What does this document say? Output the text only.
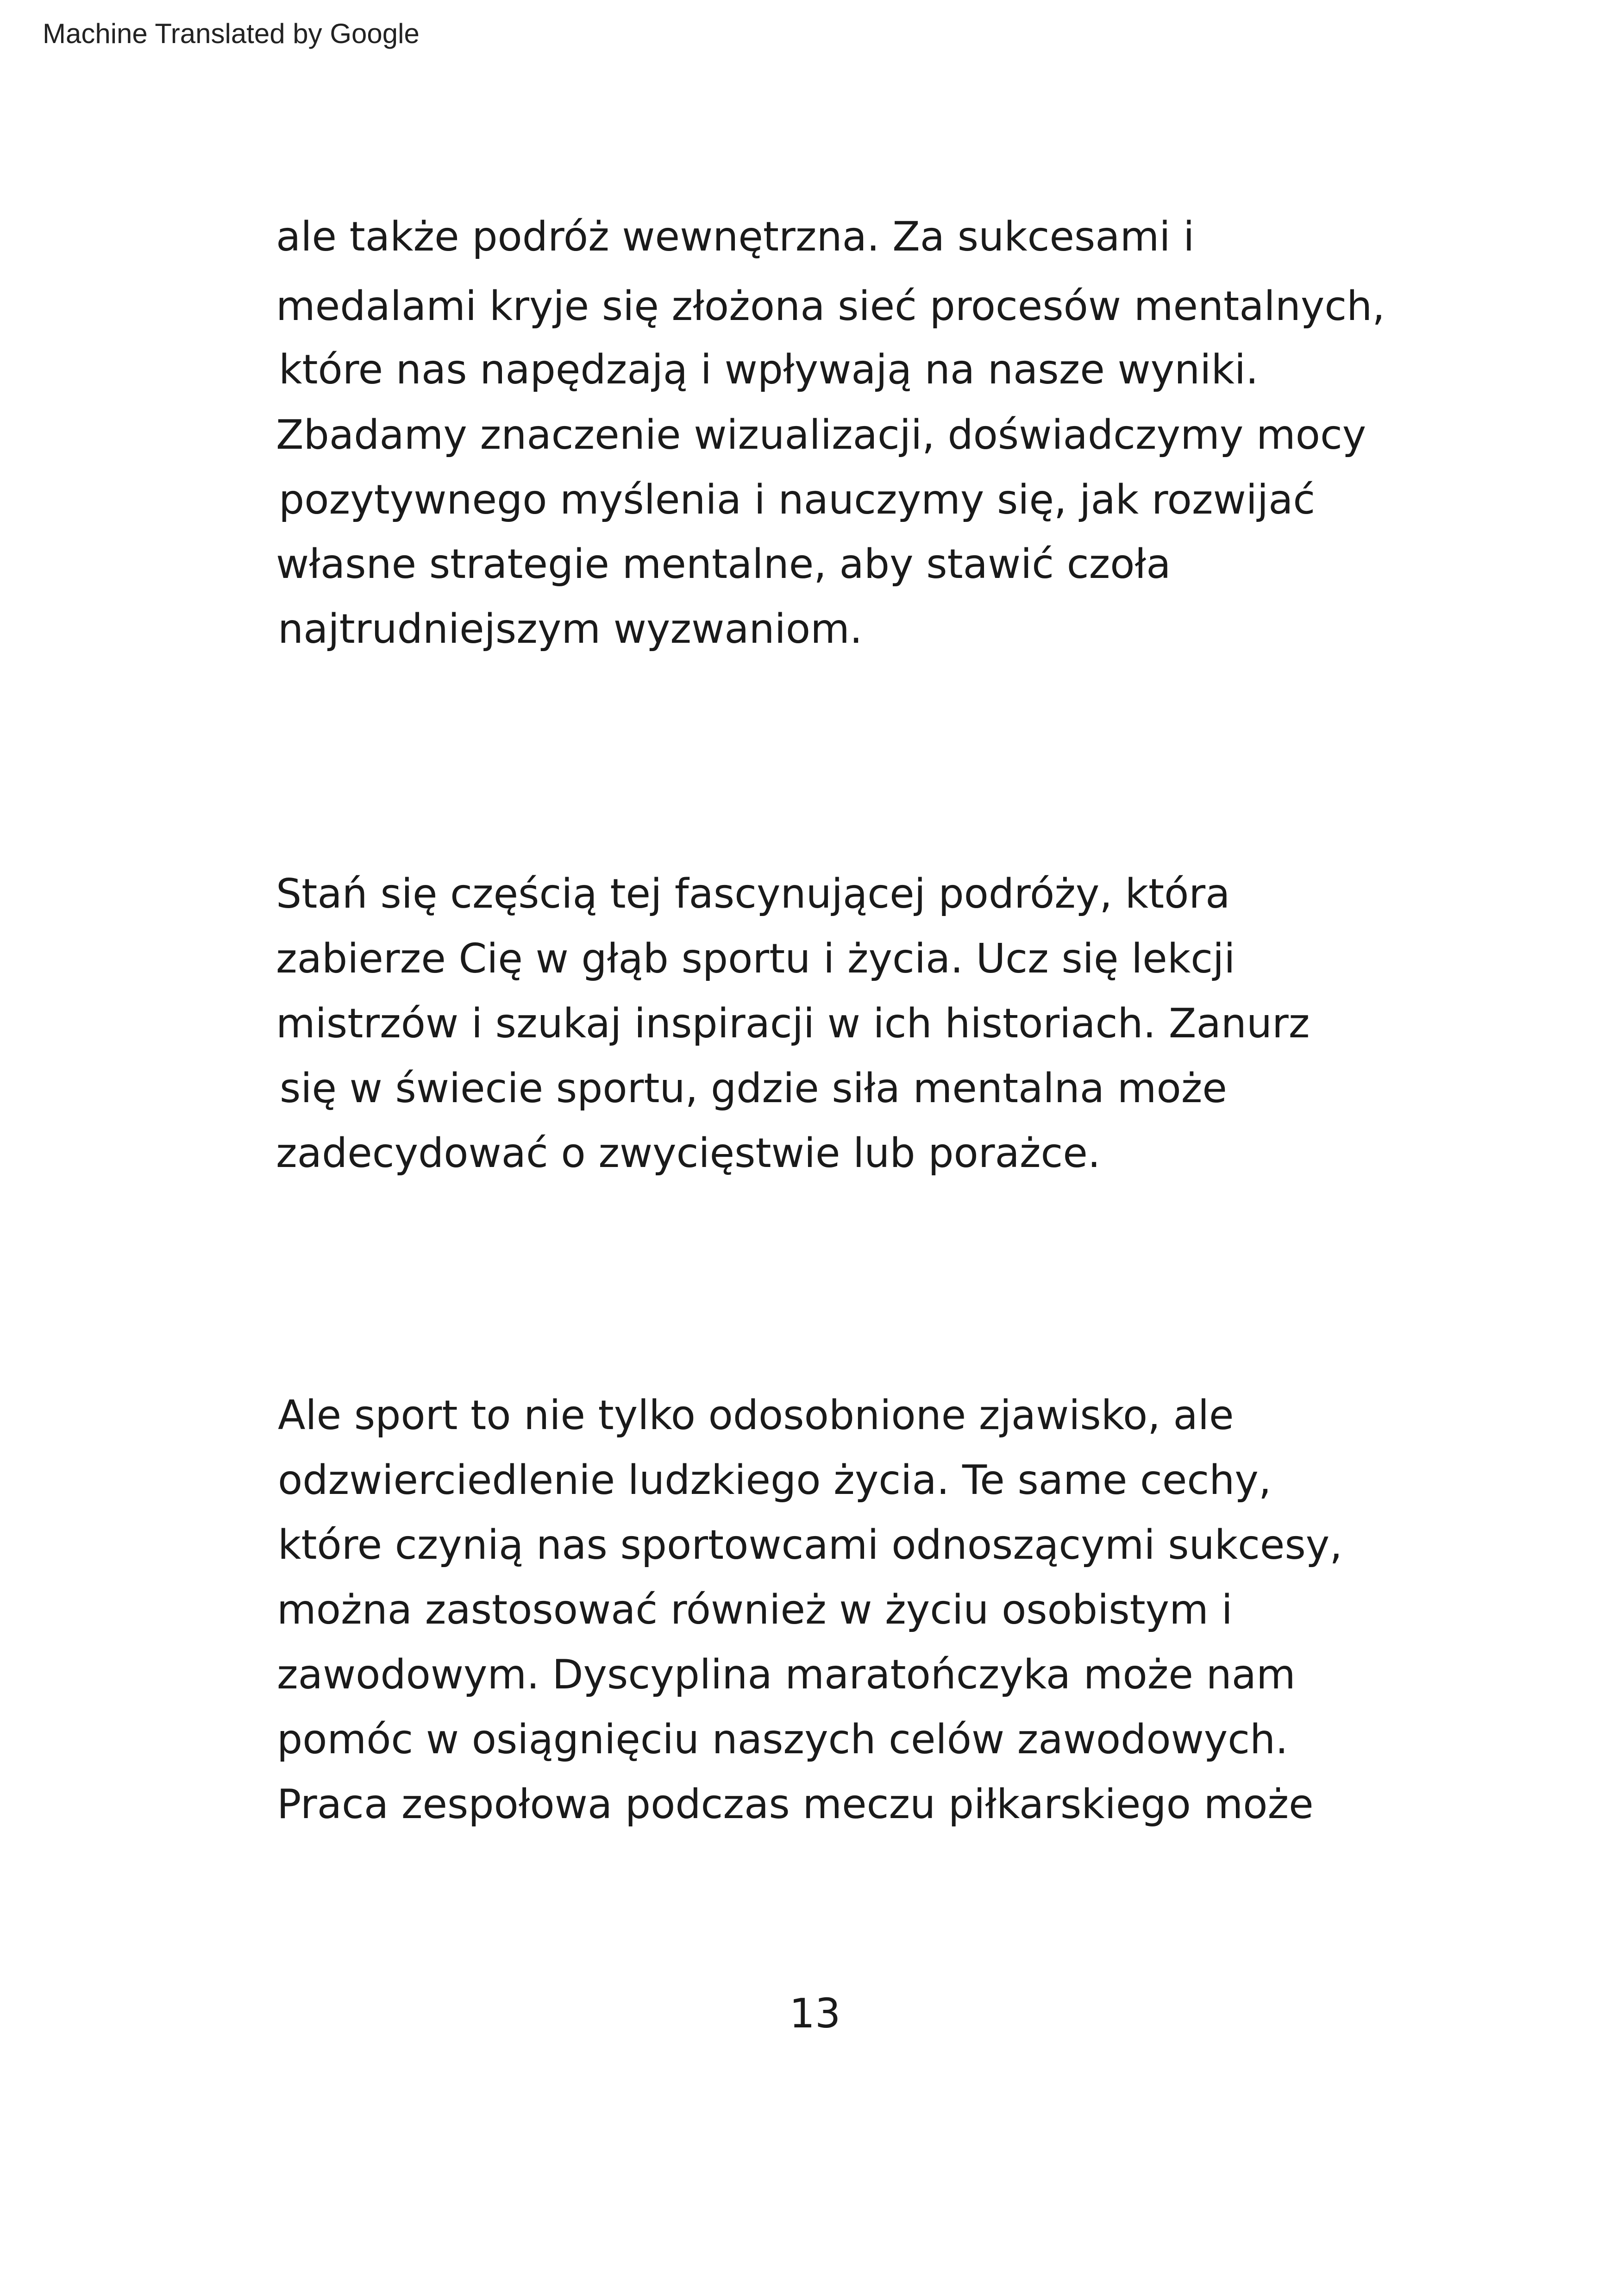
Machine Translated by Google
ale także podróż wewnętrzna. Za sukcesami i
medalami kryje się złożona sieć procesów mentalnych,
które nas napędzają i wpływają na nasze wyniki.
Zbadamy znaczenie wizualizacji, doświadczymy mocy
pozytywnego myślenia i nauczymy się, jak rozwijać
własne strategie mentalne, aby stawić czoła
najtrudniejszym wyzwaniom.
Stań się częścią tej fascynującej podróży, która
zabierze Cię w głąb sportu i życia. Ucz się lekcji
mistrzów i szukaj inspiracji w ich historiach. Zanurz
się w świecie sportu, gdzie siła mentalna może
zadecydować o zwycięstwie lub porażce.
Ale sport to nie tylko odosobnione zjawisko, ale
odzwierciedlenie ludzkiego życia. Te same cechy,
które czynią nas sportowcami odnoszącymi sukcesy,
można zastosować również w życiu osobistym i
zawodowym. Dyscyplina maratończyka może nam
pomóc w osiągnięciu naszych celów zawodowych.
Praca zespołowa podczas meczu piłkarskiego może
13
